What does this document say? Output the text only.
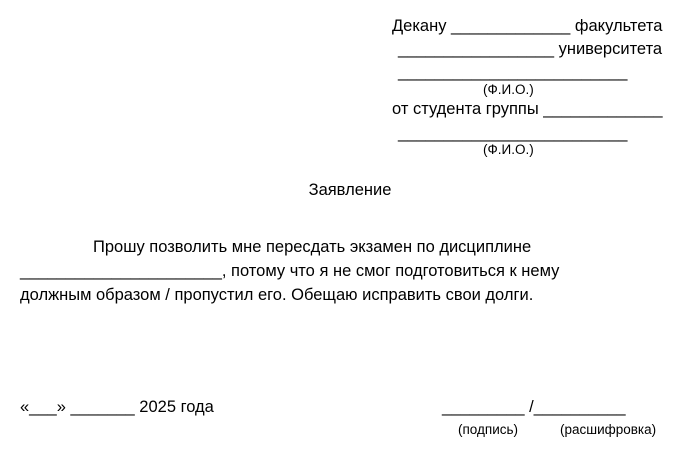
Декану _____________ факультета
_________________ университета
_________________________
(Ф.И.О.)
от студента группы _____________
_________________________
(Ф.И.О.)
Заявление
Прошу позволить мне пересдать экзамен по дисциплине
______________________, потому что я не смог подготовиться к нему
должным образом / пропустил его. Обещаю исправить свои долги.
«___» _______ 2025 года	_________ /__________
(подпись)	(расшифровка)
